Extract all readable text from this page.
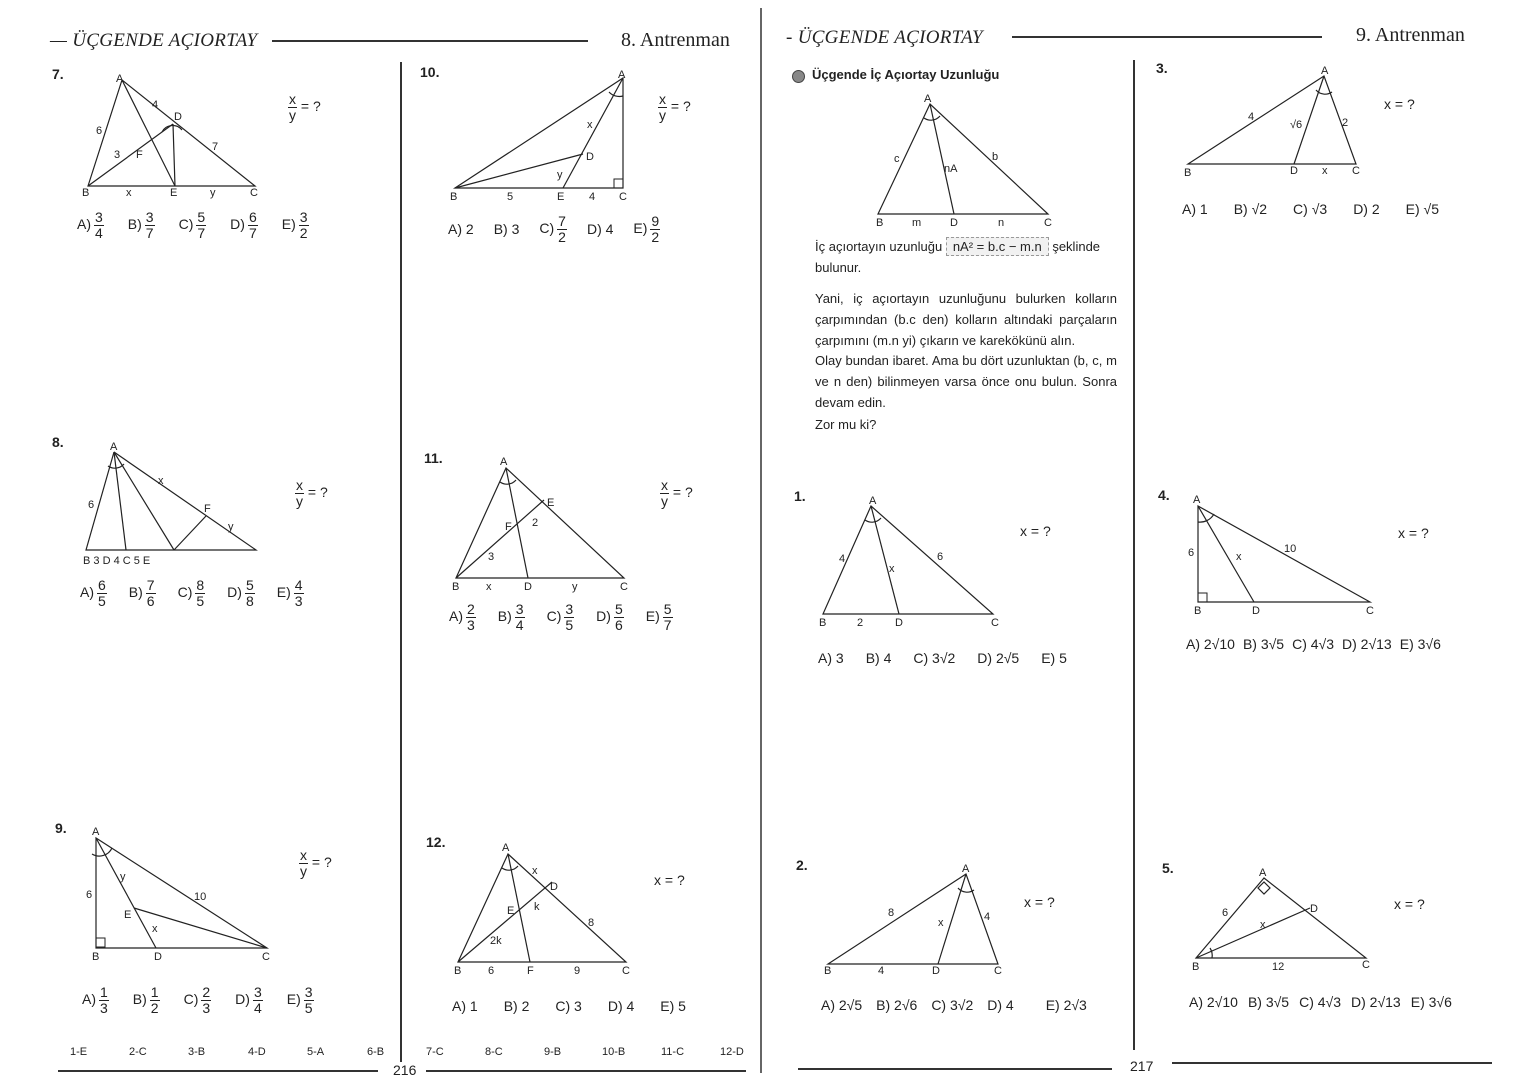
— ÜÇGENDE AÇIORTAY	8. Antrenman
7.	A
B	E	C
D
F
6
4
3
7
x	y
$\frac{x}{y}$ = ?
$A) \frac{3}{4} B) \frac{3}{7} C) \frac{5}{7} D) \frac{6}{7} E) \frac{3}{2}$
8.	A
6
x
F
y
B 3 D 4 C 5 E
$\frac{x}{y}$ = ?
$A) \frac{6}{5} B) \frac{7}{6} C) \frac{8}{5} D) \frac{5}{8} E) \frac{4}{3}$
9. A
6
y
10
E
x
B	D	C
$\frac{x}{y}$ = ?
$A) \frac{1}{3} B) \frac{1}{2} C) \frac{2}{3} D) \frac{3}{4} E) \frac{3}{5}$
10.	A
x
D
y
B	5	E 4 C
$\frac{x}{y}$ = ?
A) 2 B) 3 $C) \frac{7}{2} D$) 4 $E) \frac{9}{2}$
11.	A
E
F 2
3
B x	D	y	C
$\frac{x}{y}$ = ?
$A) \frac{2}{3} B) \frac{3}{4} C) \frac{3}{5} D) \frac{5}{6} E) \frac{5}{7}$
12.	A
x
D
E k
2k
8
B 6	F	9	C
x = ?
A) 1 B) 2 C) 3 D) 4 E) 5
1-E	2-C	3-B	4-D	5-A	6-B	7-C	8-C	9-B	10-B	11-C	12-D
216
- ÜÇGENDE AÇIORTAY	9. Antrenman
Üçgende İç Açıortay Uzunluğu
A
c
nA
b
B	m	D	n	C
İç açıortayın uzunluğu nA² = b.c − m.n şeklinde
bulunur.
Yani, iç açıortayın uzunluğunu bulurken kolların çarpımından (b.c den) kolların altındaki parçaların çarpımını (m.n yi) çıkarın ve karekökünü alın.
Olay bundan ibaret. Ama bu dört uzunluktan (b, c, m ve n den) bilinmeyen varsa önce onu bulun. Sonra devam edin.
Zor mu ki?
1.	A
4
x
6
B	2	D	C
x = ?
A) 3 B) 4 C) 3√2 D) 2√5 E) 5
2.	A
8
x	4
B	4	D	C
x = ?
A) 2√5 B) 2√6 C) 3√2 D) 4 E) 2√3
3.	A
4
√6	2
B	D x C
x = ?
A) 1 B) √2 C) √3 D) 2 E) √5
4. A
6	x
10
B	D	C
x = ?
A) 2√10 B) 3√5 C) 4√3 D) 2√13 E) 3√6
5.	A
6
x
D
B	12	C
x = ?
A) 2√10 B) 3√5 C) 4√3 D) 2√13 E) 3√6
217
